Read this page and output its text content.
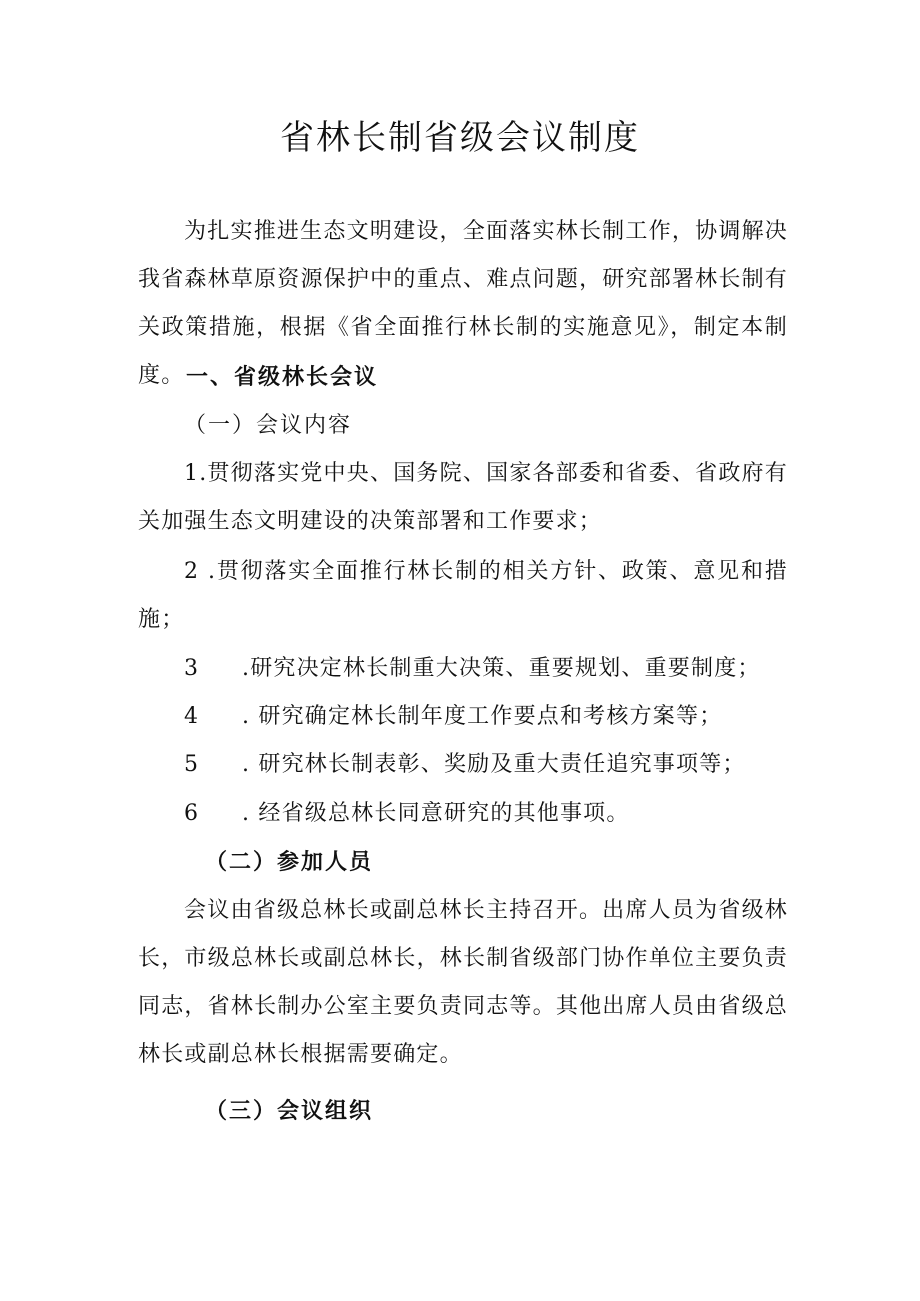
省林长制省级会议制度

为扎实推进生态文明建设，全面落实林长制工作，协调解决我省森林草原资源保护中的重点、难点问题，研究部署林长制有关政策措施，根据《省全面推行林长制的实施意见》，制定本制度。 一、省级林长会议

（一）会议内容

1.贯彻落实党中央、国务院、国家各部委和省委、省政府有关加强生态文明建设的决策部署和工作要求；

2 .贯彻落实全面推行林长制的相关方针、政策、意见和措施；

3 .研究决定林长制重大决策、重要规划、重要制度；

4 . 研究确定林长制年度工作要点和考核方案等；

5 . 研究林长制表彰、奖励及重大责任追究事项等；

6 . 经省级总林长同意研究的其他事项。

（二）参加人员

会议由省级总林长或副总林长主持召开。出席人员为省级林长，市级总林长或副总林长，林长制省级部门协作单位主要负责同志，省林长制办公室主要负责同志等。其他出席人员由省级总林长或副总林长根据需要确定。

（三）会议组织
